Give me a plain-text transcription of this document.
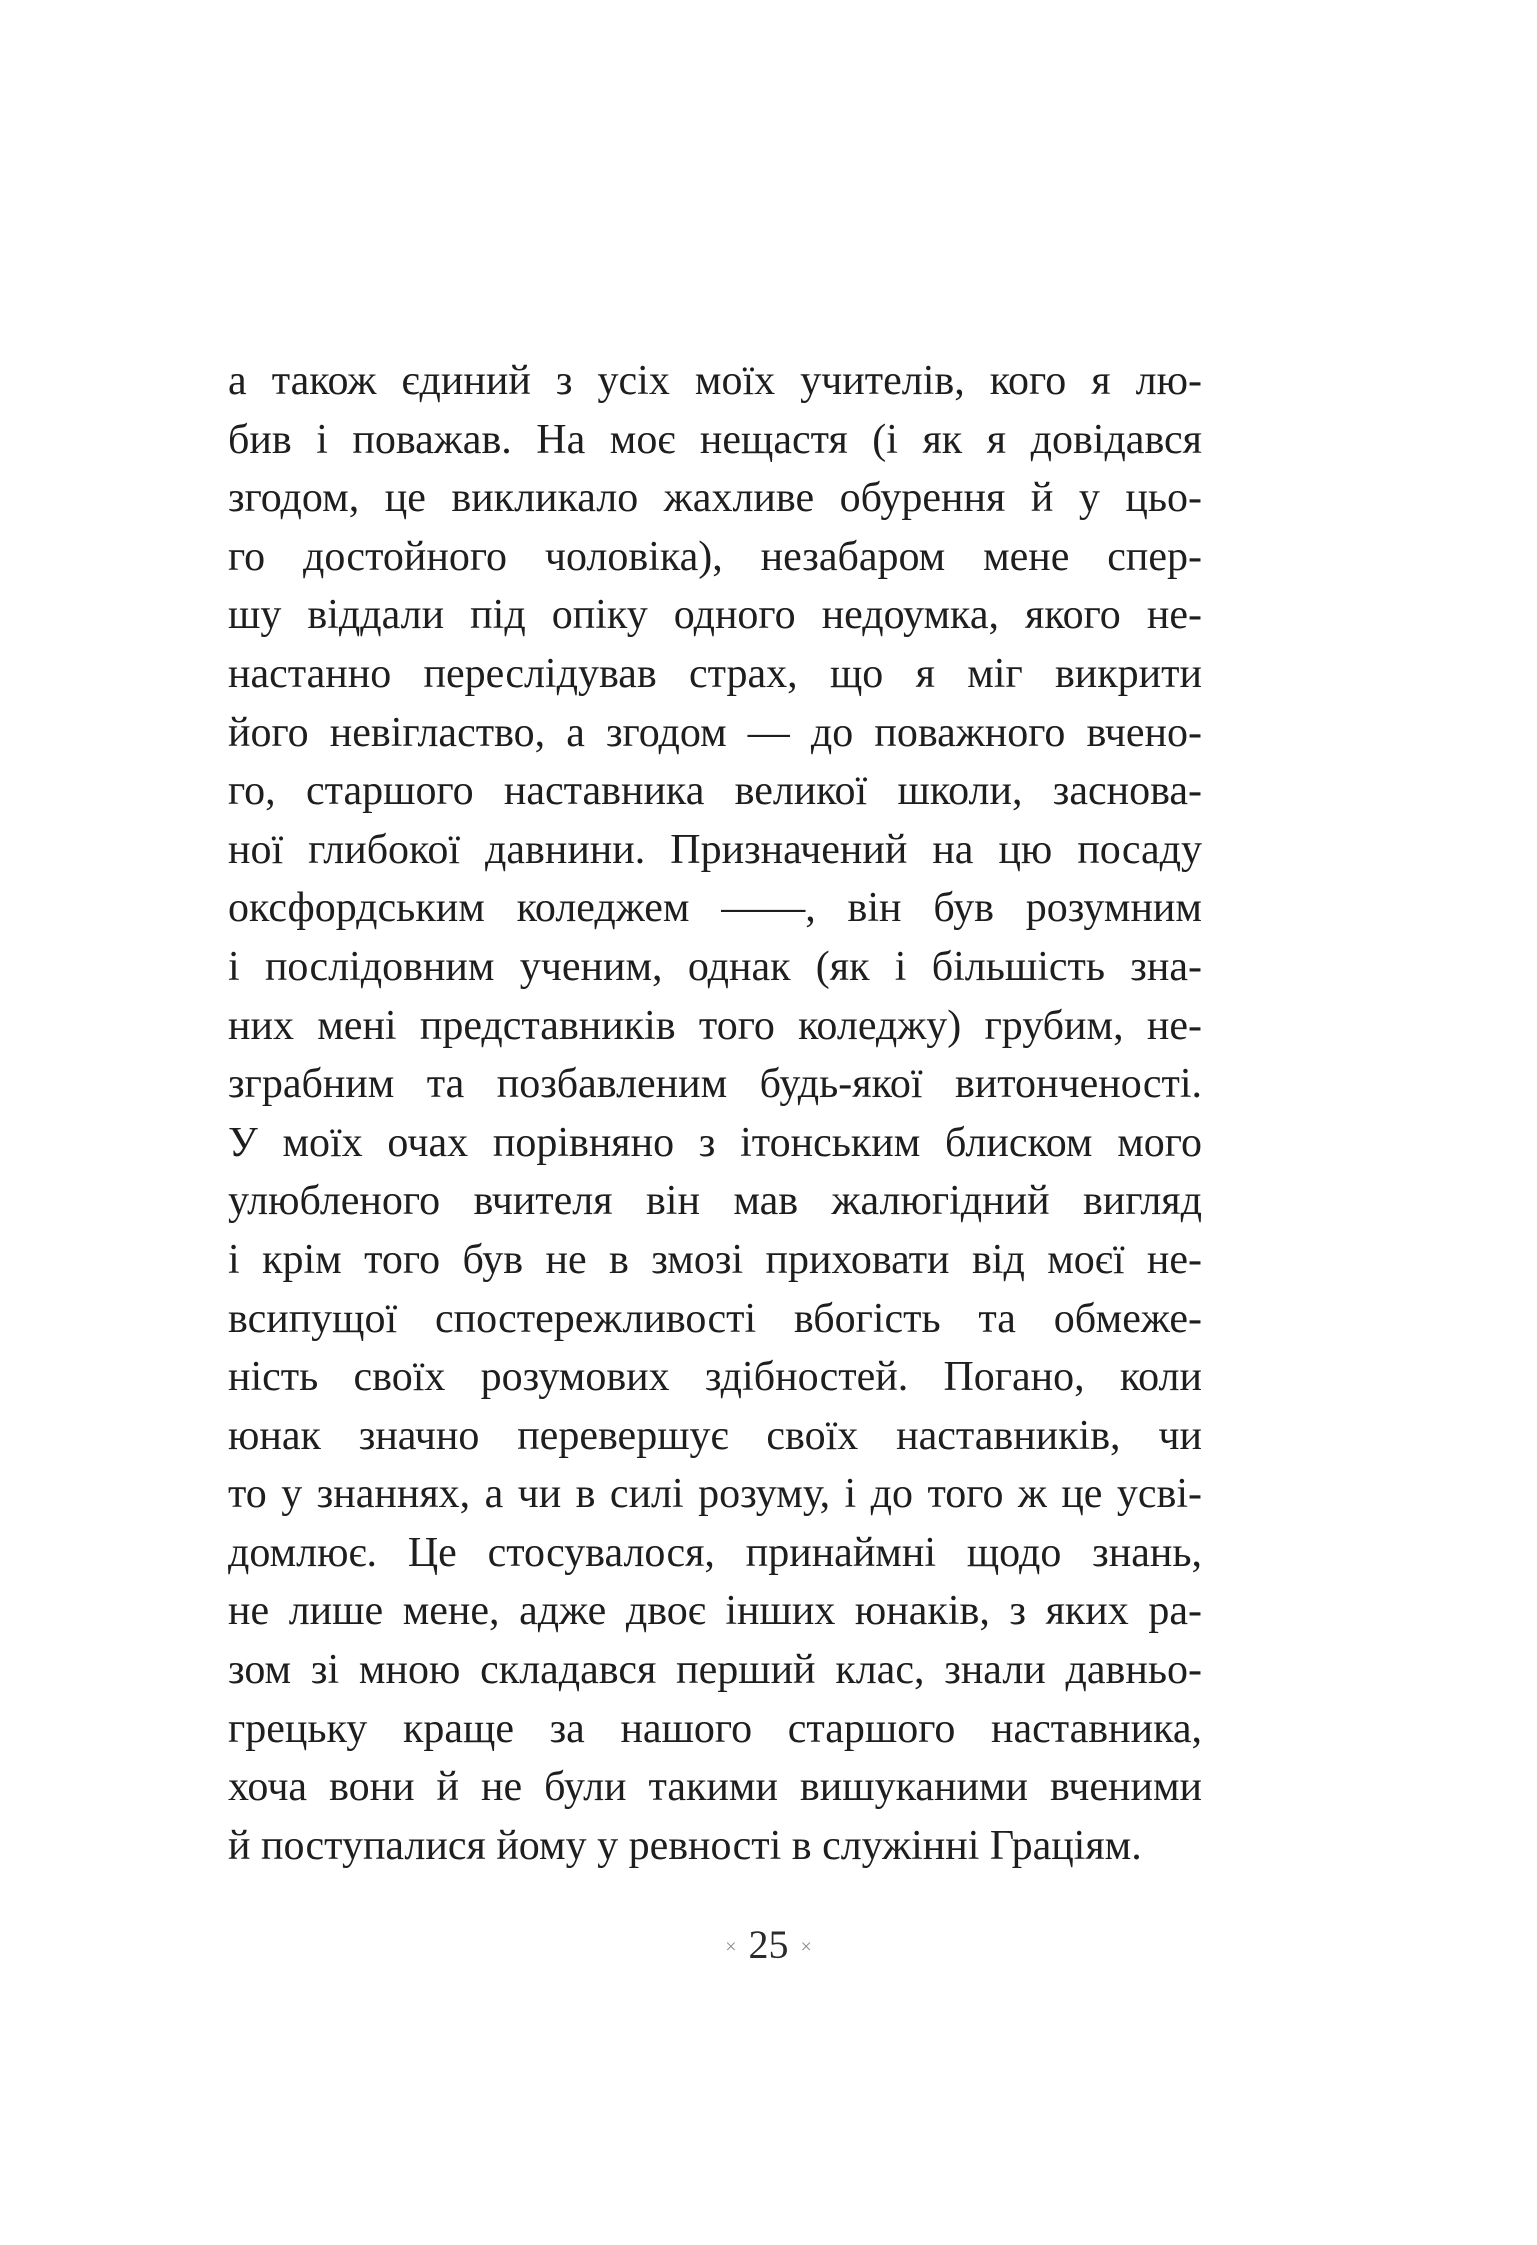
а також єдиний з усіх моїх учителів, кого я лю-
бив і поважав. На моє нещастя (і як я довідався
згодом, це викликало жахливе обурення й у цьо-
го достойного чоловіка), незабаром мене спер-
шу віддали під опіку одного недоумка, якого не-
настанно переслідував страх, що я міг викрити
його невігластво, а згодом — до поважного вчено-
го, старшого наставника великої школи, заснова-
ної глибокої давнини. Призначений на цю посаду
оксфордським коледжем ——, він був розумним
і послідовним ученим, однак (як і більшість зна-
них мені представників того коледжу) грубим, не-
зграбним та позбавленим будь-якої витонченості.
У моїх очах порівняно з ітонським блиском мого
улюбленого вчителя він мав жалюгідний вигляд
і крім того був не в змозі приховати від моєї не-
всипущої спостережливості вбогість та обмеже-
ність своїх розумових здібностей. Погано, коли
юнак значно перевершує своїх наставників, чи
то у знаннях, а чи в силі розуму, і до того ж це усві-
домлює. Це стосувалося, принаймні щодо знань,
не лише мене, адже двоє інших юнаків, з яких ра-
зом зі мною складався перший клас, знали давньо-
грецьку краще за нашого старшого наставника,
хоча вони й не були такими вишуканими вченими
й поступалися йому у ревності в служінні Граціям.
× 25 ×
